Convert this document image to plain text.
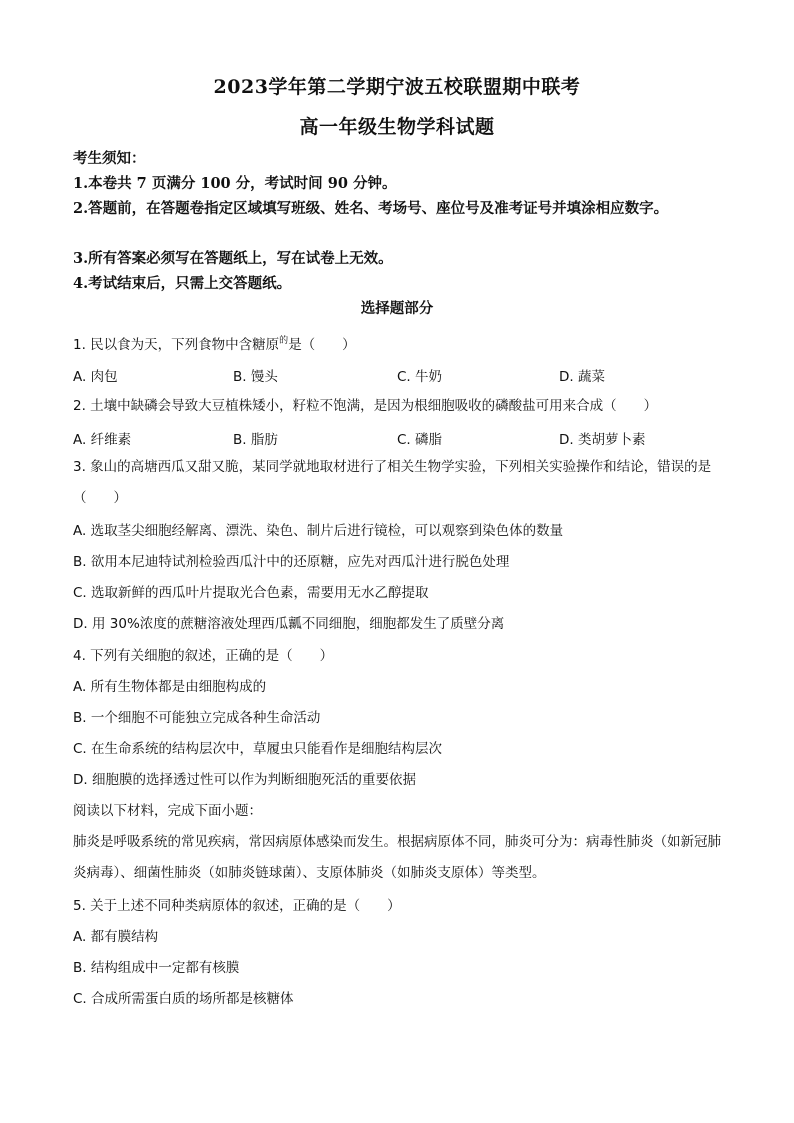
2023学年第二学期宁波五校联盟期中联考
高一年级生物学科试题
考生须知：
1.本卷共 7 页满分 100 分，考试时间 90 分钟。
2.答题前，在答题卷指定区域填写班级、姓名、考场号、座位号及准考证号并填涂相应数字。
3.所有答案必须写在答题纸上，写在试卷上无效。
4.考试结束后，只需上交答题纸。
选择题部分
1. 民以食为天，下列食物中含糖原$^的$是（　　）
A. 肉包	B. 馒头	C. 牛奶	D. 蔬菜
2. 土壤中缺磷会导致大豆植株矮小，籽粒不饱满，是因为根细胞吸收的磷酸盐可用来合成（　　）
A. 纤维素	B. 脂肪	C. 磷脂	D. 类胡萝卜素
3. 象山的高塘西瓜又甜又脆，某同学就地取材进行了相关生物学实验，下列相关实验操作和结论，错误的是（　　）
A. 选取茎尖细胞经解离、漂洗、染色、制片后进行镜检，可以观察到染色体的数量
B. 欲用本尼迪特试剂检验西瓜汁中的还原糖，应先对西瓜汁进行脱色处理
C. 选取新鲜的西瓜叶片提取光合色素，需要用无水乙醇提取
D. 用 30%浓度的蔗糖溶液处理西瓜瓤不同细胞，细胞都发生了质壁分离
4. 下列有关细胞的叙述，正确的是（　　）
A. 所有生物体都是由细胞构成的
B. 一个细胞不可能独立完成各种生命活动
C. 在生命系统的结构层次中，草履虫只能看作是细胞结构层次
D. 细胞膜的选择透过性可以作为判断细胞死活的重要依据
阅读以下材料，完成下面小题：
肺炎是呼吸系统的常见疾病，常因病原体感染而发生。根据病原体不同，肺炎可分为：病毒性肺炎（如新冠肺炎病毒）、细菌性肺炎（如肺炎链球菌）、支原体肺炎（如肺炎支原体）等类型。
5. 关于上述不同种类病原体的叙述，正确的是（　　）
A. 都有膜结构
B. 结构组成中一定都有核膜
C. 合成所需蛋白质的场所都是核糖体
